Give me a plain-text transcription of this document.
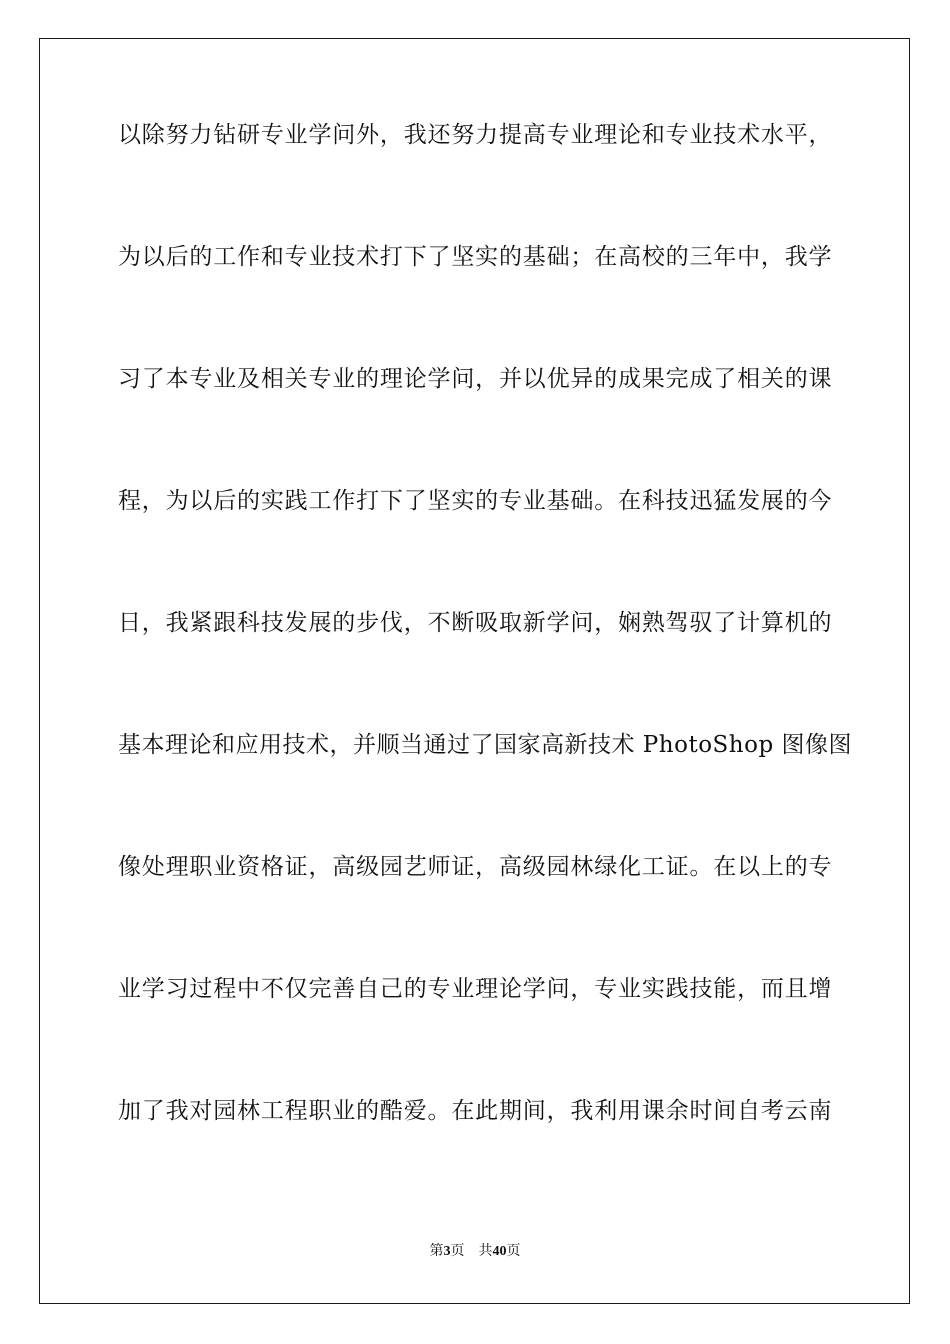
以除努力钻研专业学问外，我还努力提高专业理论和专业技术水平，
为以后的工作和专业技术打下了坚实的基础；在高校的三年中，我学
习了本专业及相关专业的理论学问，并以优异的成果完成了相关的课
程，为以后的实践工作打下了坚实的专业基础。在科技迅猛发展的今
日，我紧跟科技发展的步伐，不断吸取新学问，娴熟驾驭了计算机的
基本理论和应用技术，并顺当通过了国家高新技术 PhotoShop 图像图
像处理职业资格证，高级园艺师证，高级园林绿化工证。在以上的专
业学习过程中不仅完善自己的专业理论学问，专业实践技能，而且增
加了我对园林工程职业的酷爱。在此期间，我利用课余时间自考云南
第3页 共40页
